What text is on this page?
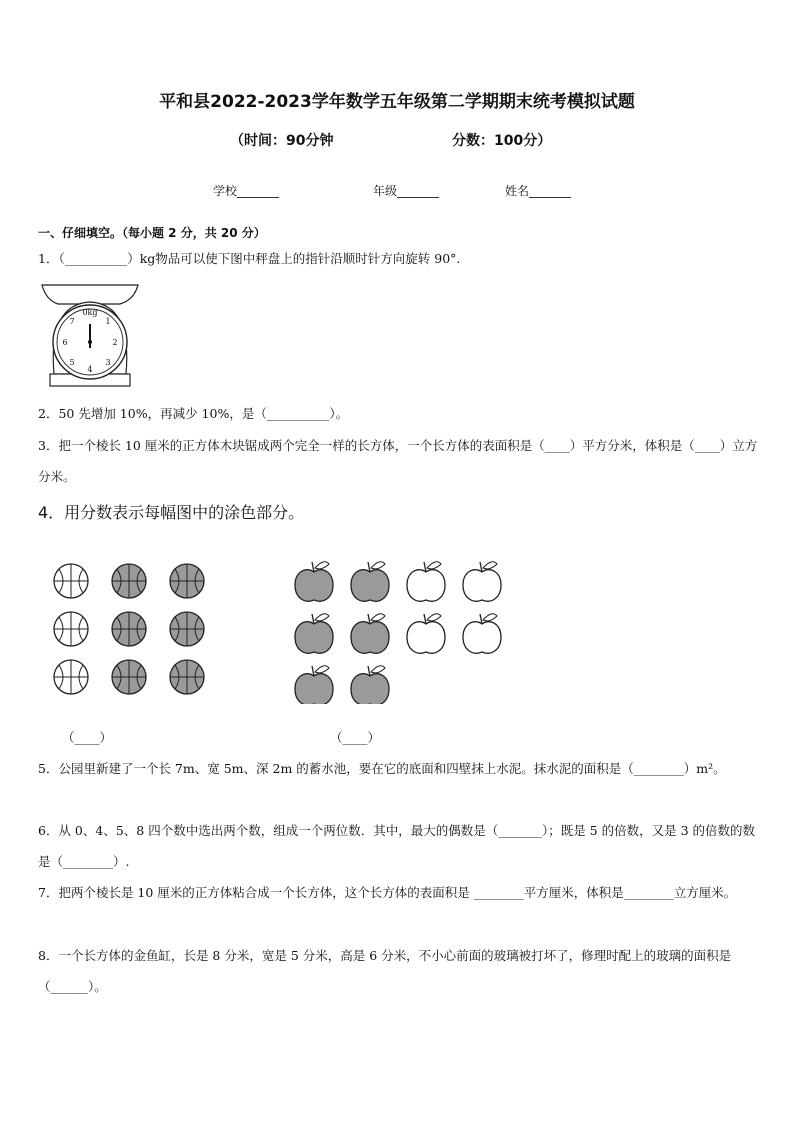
平和县2022-2023学年数学五年级第二学期期末统考模拟试题
（时间：90分钟	分数：100分）
学校_______	年级_______	姓名_______
一、仔细填空。（每小题 2 分，共 20 分）
1．（__________）kg物品可以使下图中秤盘上的指针沿顺时针方向旋转 90°.
0kg
1
2
3
4
5
6
7
2．50 先增加 10%，再减少 10%，是（__________）。
3．把一个棱长 10 厘米的正方体木块锯成两个完全一样的长方体，一个长方体的表面积是（____）平方分米，体积是（____）立方分米。
4．用分数表示每幅图中的涂色部分。
（____）	（____）
5．公园里新建了一个长 7m、宽 5m、深 2m 的蓄水池，要在它的底面和四壁抹上水泥。抹水泥的面积是（________）m²。
6．从 0、4、5、8 四个数中选出两个数，组成一个两位数．其中，最大的偶数是（_______）；既是 5 的倍数，又是 3 的倍数的数是（________）.
7．把两个棱长是 10 厘米的正方体粘合成一个长方体，这个长方体的表面积是 ________平方厘米，体积是________立方厘米。
8．一个长方体的金鱼缸，长是 8 分米，宽是 5 分米，高是 6 分米，不小心前面的玻璃被打坏了，修理时配上的玻璃的面积是（______）。
